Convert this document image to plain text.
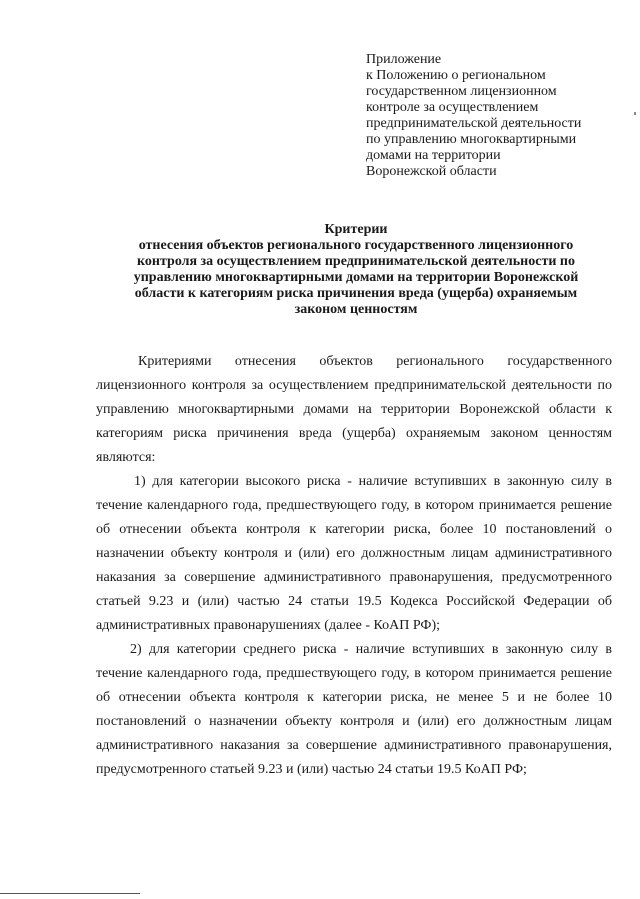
Приложение
к Положению о региональном
государственном лицензионном
контроле за осуществлением
предпринимательской деятельности
по управлению многоквартирными
домами на территории
Воронежской области
Критерии
отнесения объектов регионального государственного лицензионного
контроля за осуществлением предпринимательской деятельности по
управлению многоквартирными домами на территории Воронежской
области к категориям риска причинения вреда (ущерба) охраняемым
законом ценностям

Критериями отнесения объектов регионального государственного лицензионного контроля за осуществлением предпринимательской деятельности по управлению многоквартирными домами на территории Воронежской области к категориям риска причинения вреда (ущерба) охраняемым законом ценностям являются:

1) для категории высокого риска - наличие вступивших в законную силу в течение календарного года, предшествующего году, в котором принимается решение об отнесении объекта контроля к категории риска, более 10 постановлений о назначении объекту контроля и (или) его должностным лицам административного наказания за совершение административного правонарушения, предусмотренного статьей 9.23 и (или) частью 24 статьи 19.5 Кодекса Российской Федерации об административных правонарушениях (далее - КоАП РФ);

2) для категории среднего риска - наличие вступивших в законную силу в течение календарного года, предшествующего году, в котором принимается решение об отнесении объекта контроля к категории риска, не менее 5 и не более 10 постановлений о назначении объекту контроля и (или) его должностным лицам административного наказания за совершение административного правонарушения, предусмотренного статьей 9.23 и (или) частью 24 статьи 19.5 КоАП РФ;
